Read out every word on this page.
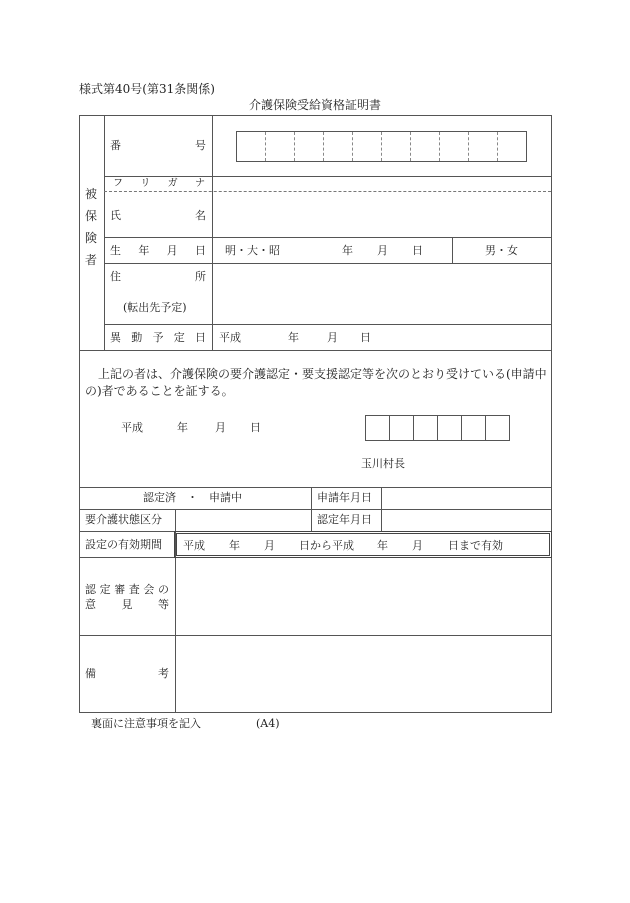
様式第40号(第31条関係)
介護保険受給資格証明書
被
保
険
者
番	号
フ リ ガ ナ
氏	名
生 年 月 日 明・大・昭	年 月 日	男・女
住	所
(転出先予定)
異 動 予 定 日 平成	年	月 日
上記の者は、介護保険の要介護認定・要支援認定等を次のとおり受けている(申請中
の)者であることを証する。
平成	年 月 日
玉川村長
認定済　・　申請中	申請年月日
要介護状態区分	認定年月日
設定の有効期間 平成 年 月 日から平成 年 月 日まで有効
認 定 審 査 会 の
意 見 等
備	考
裏面に注意事項を記入	(A4)
